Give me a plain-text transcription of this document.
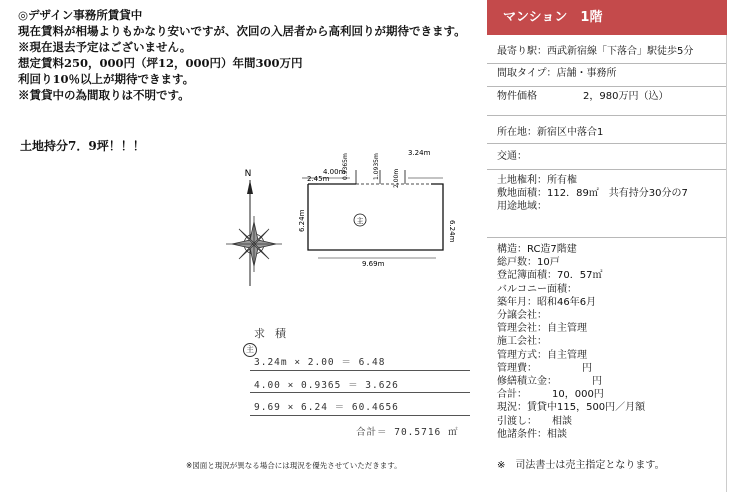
◎デザイン事務所賃貸中
現在賃料が相場よりもかなり安いですが、次回の入居者から高利回りが期待できます。
※現在退去予定はございません。
想定賃料250，000円（坪12，000円）年間300万円
利回り10％以上が期待できます。
※賃貸中の為間取りは不明です。
土地持分7．9坪！！！
N	2.45m
4.00m
0.9365m	1.0935m 2.00m
3.24m
6.24m	6.24m
9.69m
主
求積
主
3.24m × 2.00 ＝ 6.48
4.00 × 0.9365 ＝ 3.626
9.69 × 6.24 ＝ 60.4656
合計＝ 70.5716 ㎡
※図面と現況が異なる場合には現況を優先させていただきます。
マンション　1階
最寄り駅：西武新宿線「下落合」駅徒歩5分
間取タイプ：店舗・事務所
物件価格	2，980万円（込）
所在地：新宿区中落合1
交通：
土地権利：所有権
敷地面積：112．89㎡　共有持分30分の7
用途地域：
構造：RC造7階建
総戸数：10戸
登記簿面積：70．57㎡
バルコニー面積：
築年月：昭和46年6月
分譲会社：
管理会社：自主管理
施工会社：
管理方式：自主管理
管理費：　　　　　円
修繕積立金：　　　　円
合計：　　　10，000円
現況：賃貸中115，500円／月額
引渡し：　　相談
他諸条件：相談
※　司法書士は売主指定となります。
